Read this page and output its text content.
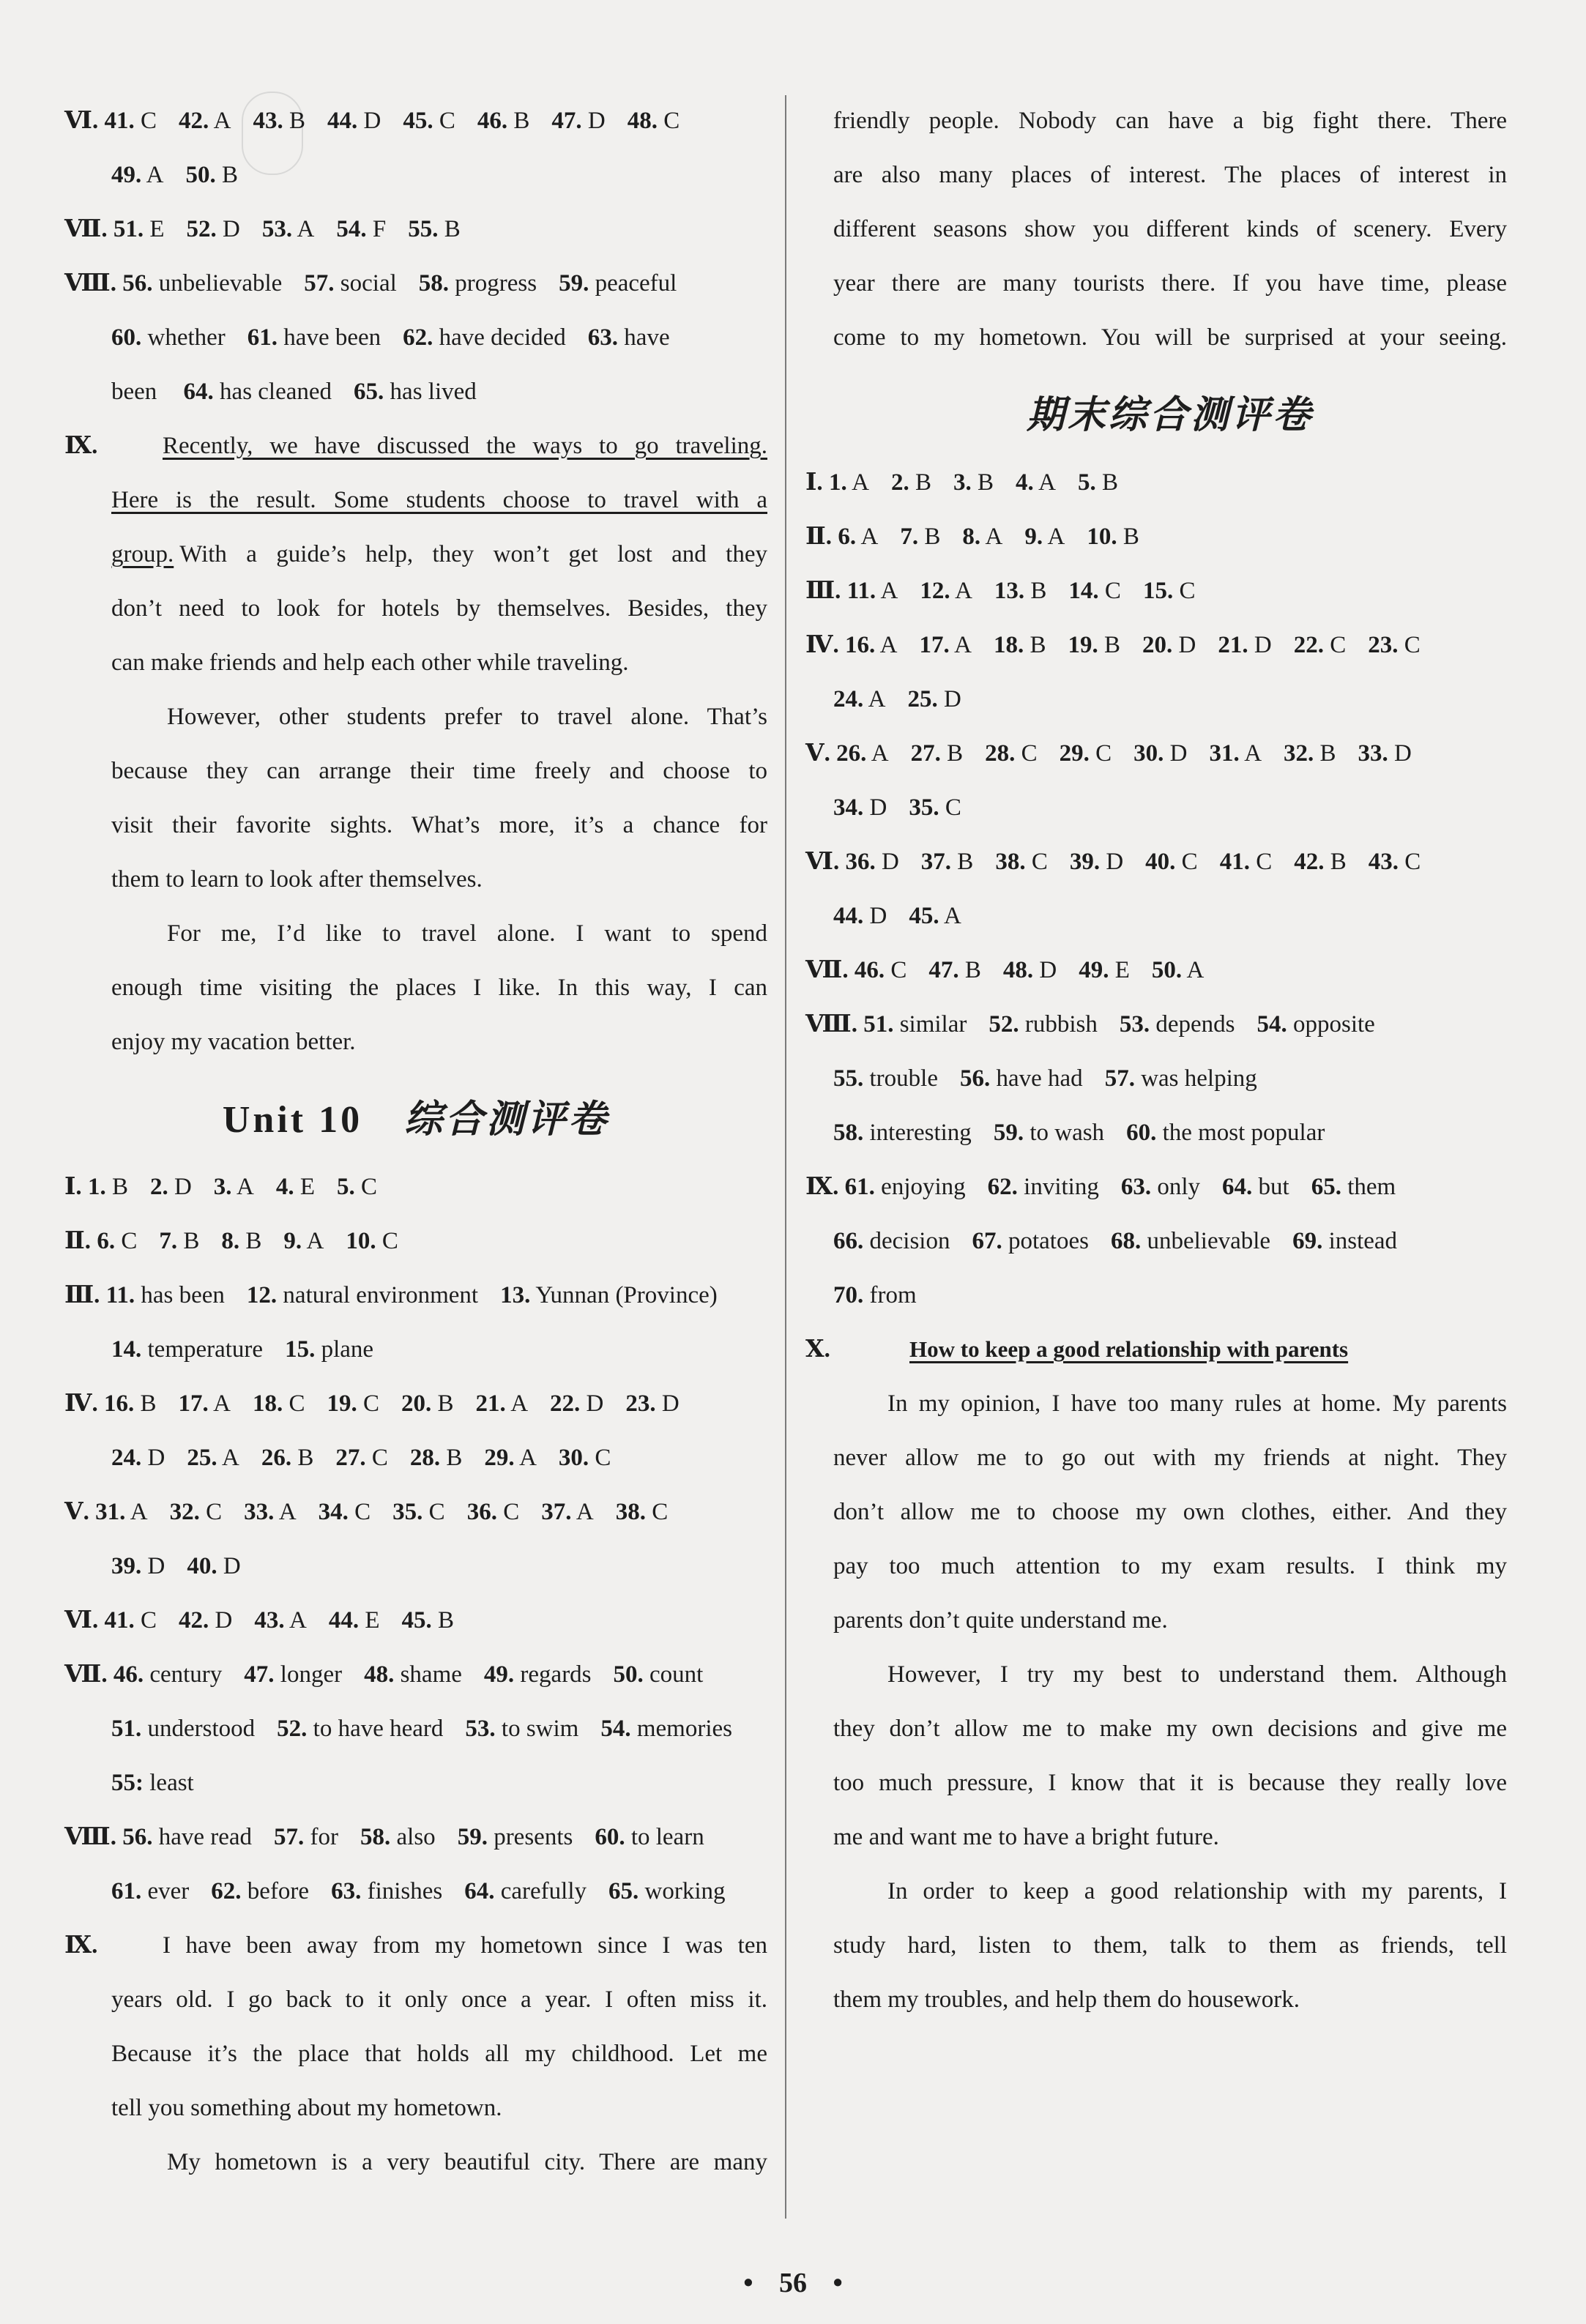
Ⅵ. 41. C 42. A 43. B 44. D 45. C 46. B 47. D 48. C
49. A 50. B
Ⅶ. 51. E 52. D 53. A 54. F 55. B
Ⅷ. 56. unbelievable 57. social 58. progress 59. peaceful
60. whether 61. have been 62. have decided 63. have
been 64. has cleaned 65. has lived
Ⅸ.	Recently, we have discussed the ways to go traveling.
Here is the result. Some students choose to travel with a
group. With a guide’s help, they won’t get lost and they
don’t need to look for hotels by themselves. Besides, they
can make friends and help each other while traveling.
However, other students prefer to travel alone. That’s
because they can arrange their time freely and choose to
visit their favorite sights. What’s more, it’s a chance for
them to learn to look after themselves.
For me, I’d like to travel alone. I want to spend
enough time visiting the places I like. In this way, I can
enjoy my vacation better.
Unit 10 综合测评卷
Ⅰ. 1. B 2. D 3. A 4. E 5. C
Ⅱ. 6. C 7. B 8. B 9. A 10. C
Ⅲ. 11. has been 12. natural environment 13. Yunnan (Province)
14. temperature 15. plane
Ⅳ. 16. B 17. A 18. C 19. C 20. B 21. A 22. D 23. D
24. D 25. A 26. B 27. C 28. B 29. A 30. C
Ⅴ. 31. A 32. C 33. A 34. C 35. C 36. C 37. A 38. C
39. D 40. D
Ⅵ. 41. C 42. D 43. A 44. E 45. B
Ⅶ. 46. century 47. longer 48. shame 49. regards 50. count
51. understood 52. to have heard 53. to swim 54. memories
55: least
Ⅷ. 56. have read 57. for 58. also 59. presents 60. to learn
61. ever 62. before 63. finishes 64. carefully 65. working
Ⅸ.	I have been away from my hometown since I was ten
years old. I go back to it only once a year. I often miss it.
Because it’s the place that holds all my childhood. Let me
tell you something about my hometown.
My hometown is a very beautiful city. There are many
friendly people. Nobody can have a big fight there. There
are also many places of interest. The places of interest in
different seasons show you different kinds of scenery. Every
year there are many tourists there. If you have time, please
come to my hometown. You will be surprised at your seeing.
期末综合测评卷
Ⅰ. 1. A 2. B 3. B 4. A 5. B
Ⅱ. 6. A 7. B 8. A 9. A 10. B
Ⅲ. 11. A 12. A 13. B 14. C 15. C
Ⅳ. 16. A 17. A 18. B 19. B 20. D 21. D 22. C 23. C
24. A 25. D
Ⅴ. 26. A 27. B 28. C 29. C 30. D 31. A 32. B 33. D
34. D 35. C
Ⅵ. 36. D 37. B 38. C 39. D 40. C 41. C 42. B 43. C
44. D 45. A
Ⅶ. 46. C 47. B 48. D 49. E 50. A
Ⅷ. 51. similar 52. rubbish 53. depends 54. opposite
55. trouble 56. have had 57. was helping
58. interesting 59. to wash 60. the most popular
Ⅸ. 61. enjoying 62. inviting 63. only 64. but 65. them
66. decision 67. potatoes 68. unbelievable 69. instead
70. from
Ⅹ.	How to keep a good relationship with parents
In my opinion, I have too many rules at home. My parents
never allow me to go out with my friends at night. They
don’t allow me to choose my own clothes, either. And they
pay too much attention to my exam results. I think my
parents don’t quite understand me.
However, I try my best to understand them. Although
they don’t allow me to make my own decisions and give me
too much pressure, I know that it is because they really love
me and want me to have a bright future.
In order to keep a good relationship with my parents, I
study hard, listen to them, talk to them as friends, tell
them my troubles, and help them do housework.
• 56 •
